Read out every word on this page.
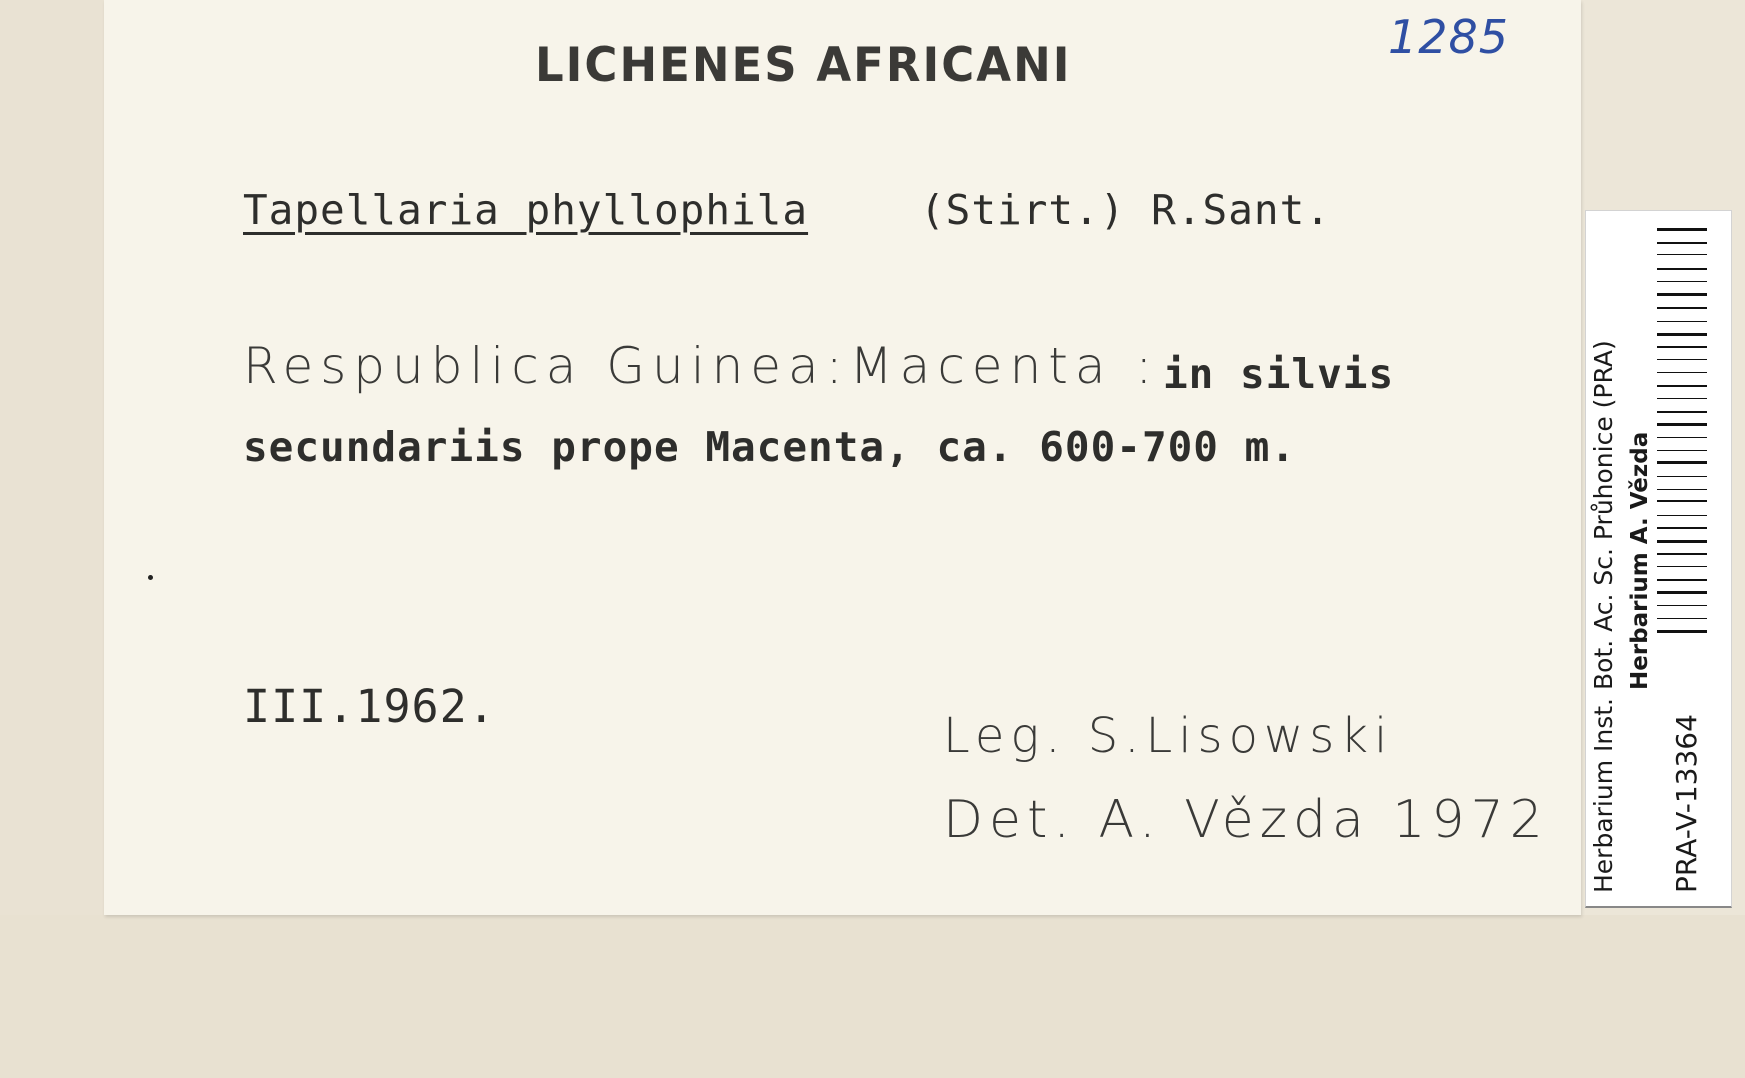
LICHENES AFRICANI	1285

Tapellaria phyllophila	(Stirt.) R.Sant.

Respublica Guinea:Macenta : in silvis

secundariis prope Macenta, ca. 600-700 m.

III.1962.

Leg. S.Lisowski

Det. A. Vězda 1972 Herbarium Inst. Bot. Ac. Sc. Průhonice (PRA) Herbarium A. Vězda
PRA-V-13364
